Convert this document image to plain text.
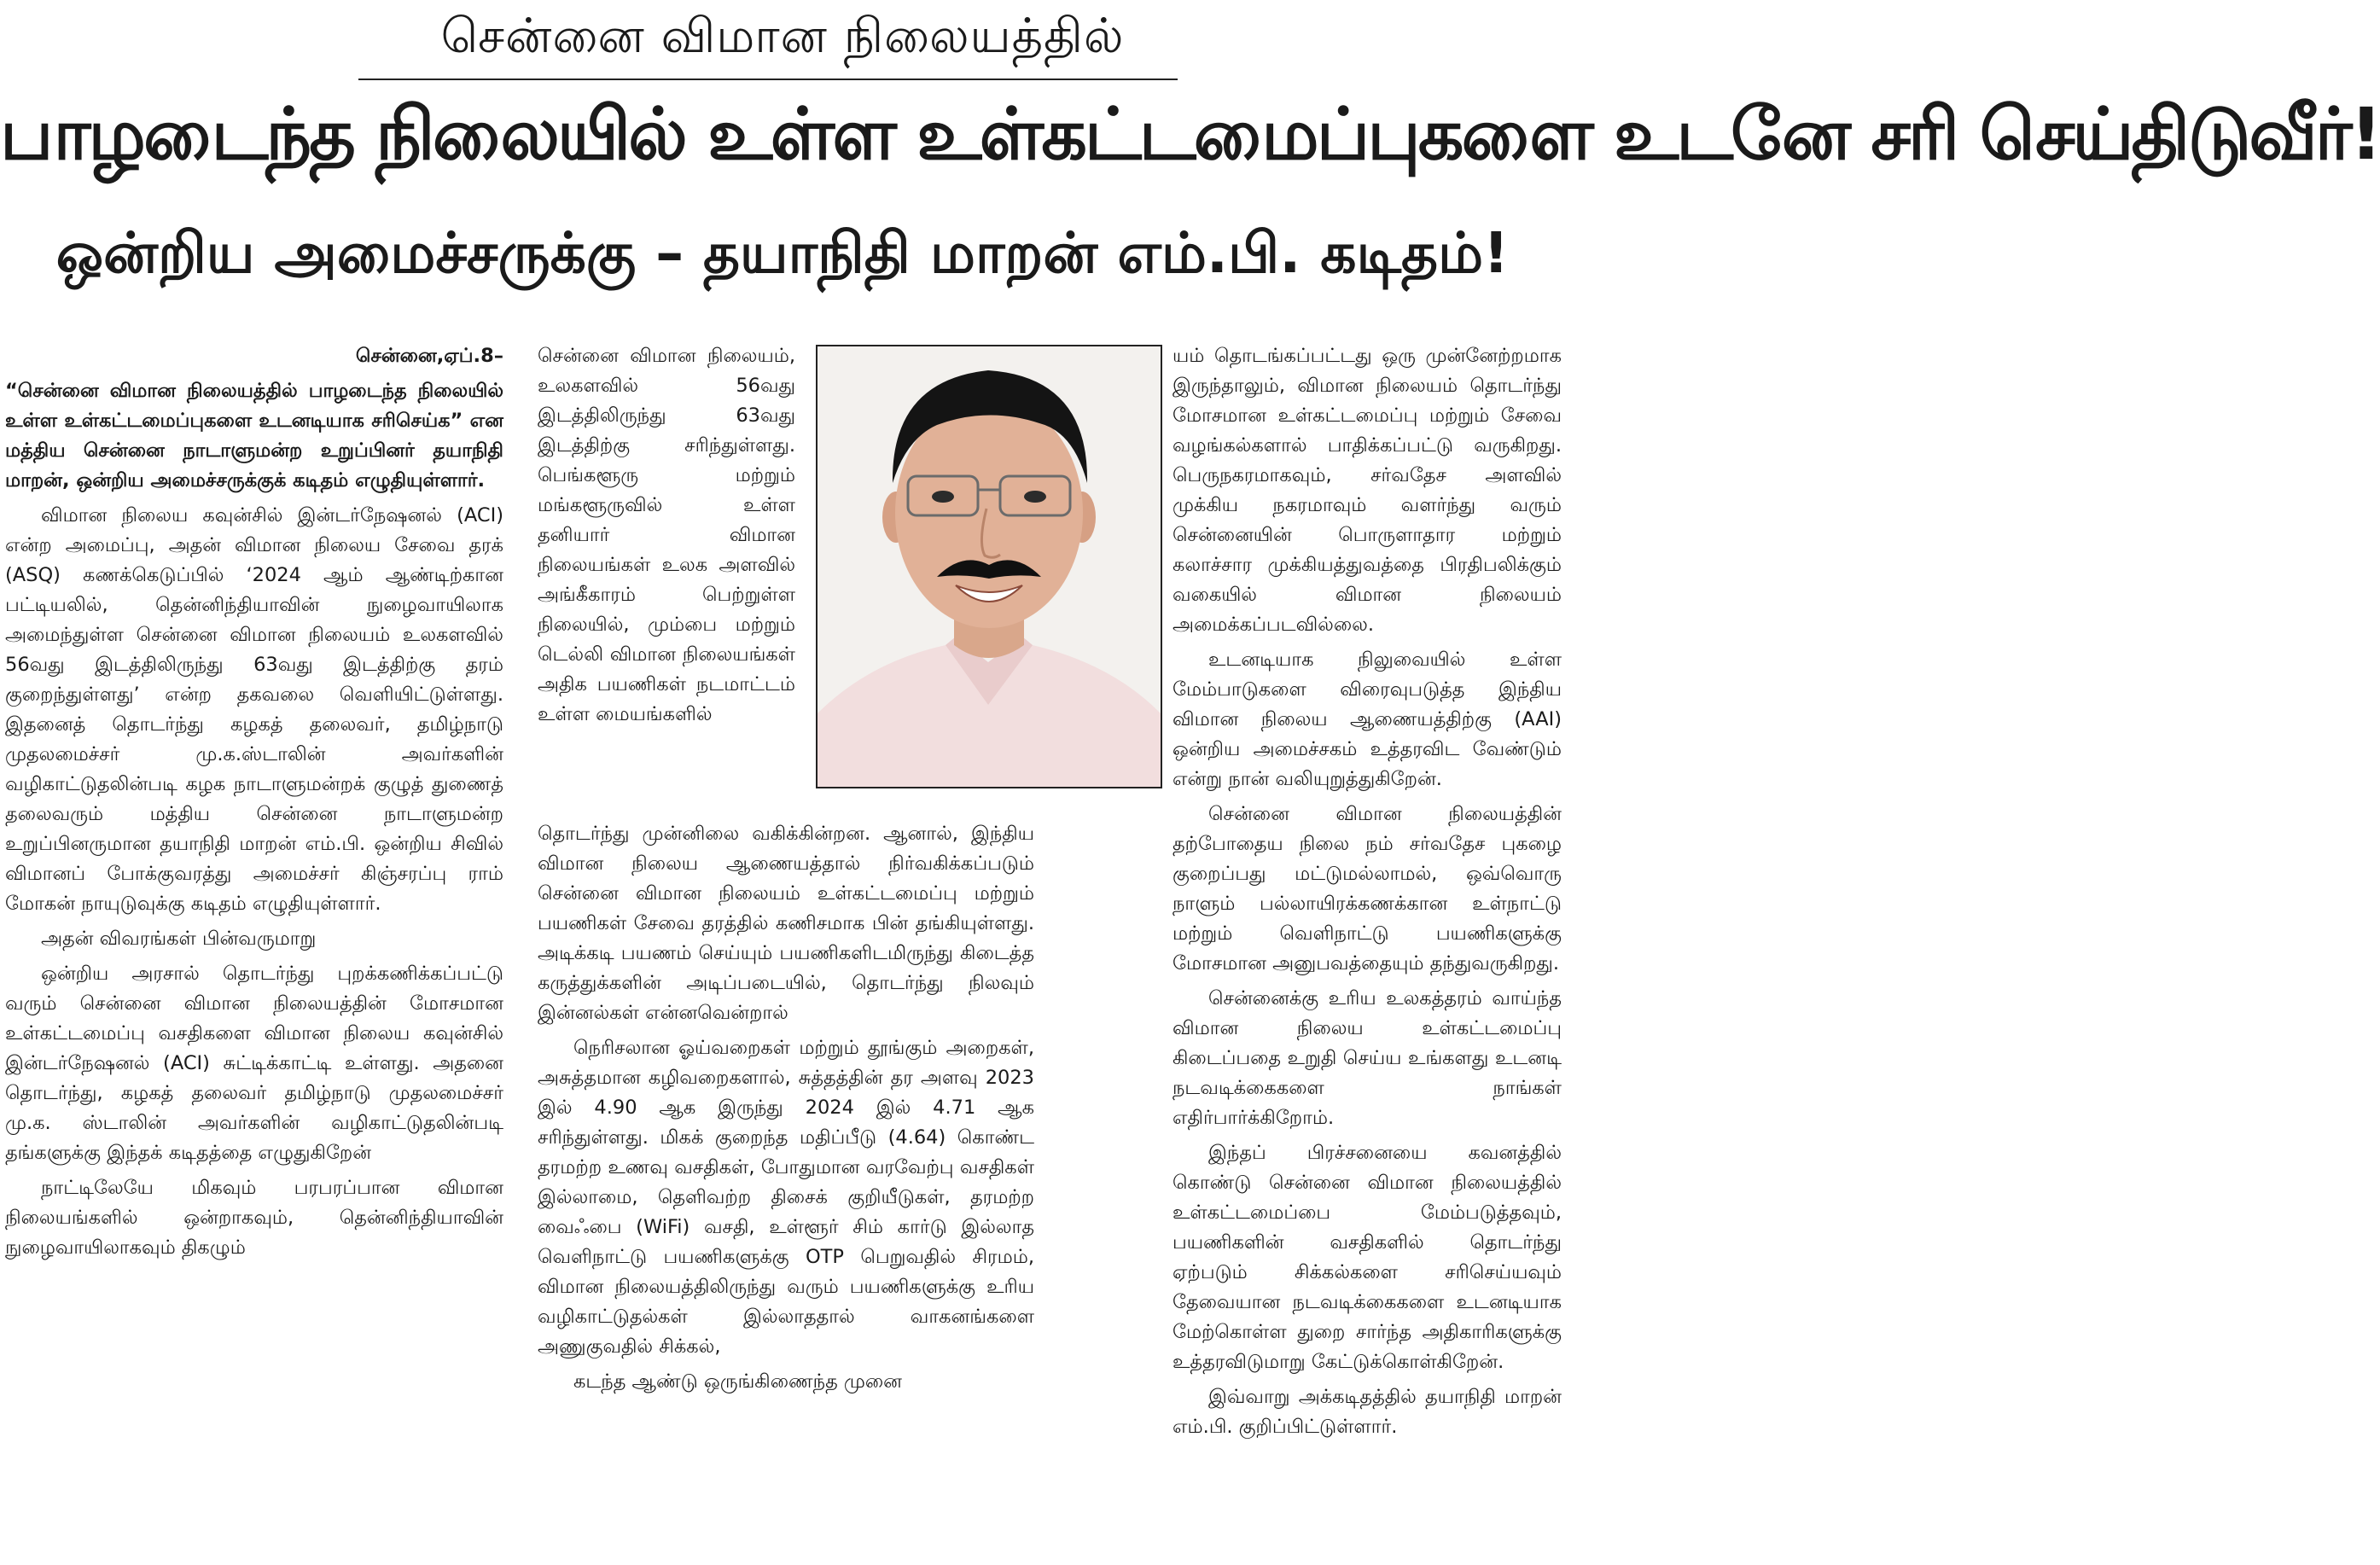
சென்னை விமான நிலையத்தில்
பாழடைந்த நிலையில் உள்ள உள்கட்டமைப்புகளை உடனே சரி செய்திடுவீர்!
ஒன்றிய அமைச்சருக்கு – தயாநிதி மாறன் எம்.பி. கடிதம்!

சென்னை,ஏப்.8–

“சென்னை விமான நிலையத்தில் பாழடைந்த நிலையில் உள்ள உள்கட்டமைப்புகளை உடனடியாக சரிசெய்க” என மத்திய சென்னை நாடாளுமன்ற உறுப்பினர் தயாநிதி மாறன், ஒன்றிய அமைச்சருக்குக் கடிதம் எழுதியுள்ளார்.

விமான நிலைய கவுன்சில் இன்டர்நேஷனல் (ACI) என்ற அமைப்பு, அதன் விமான நிலைய சேவை தரக் (ASQ) கணக்கெடுப்பில் ‘2024 ஆம் ஆண்டிற்கான பட்டியலில், தென்னிந்தியாவின் நுழைவாயிலாக அமைந்துள்ள சென்னை விமான நிலையம் உலகளவில் 56வது இடத்திலிருந்து 63வது இடத்திற்கு தரம் குறைந்துள்ளது’ என்ற தகவலை வெளியிட்டுள்ளது. இதனைத் தொடர்ந்து கழகத் தலைவர், தமிழ்நாடு முதலமைச்சர் மு.க.ஸ்டாலின் அவர்களின் வழிகாட்டுதலின்படி கழக நாடாளுமன்றக் குழுத் துணைத் தலைவரும் மத்திய சென்னை நாடாளுமன்ற உறுப்பினருமான தயாநிதி மாறன் எம்.பி. ஒன்றிய சிவில் விமானப் போக்குவரத்து அமைச்சர் கிஞ்சரப்பு ராம் மோகன் நாயுடுவுக்கு கடிதம் எழுதியுள்ளார்.

அதன் விவரங்கள் பின்வருமாறு

ஒன்றிய அரசால் தொடர்ந்து புறக்கணிக்கப்பட்டு வரும் சென்னை விமான நிலையத்தின் மோசமான உள்கட்டமைப்பு வசதிகளை விமான நிலைய கவுன்சில் இன்டர்நேஷனல் (ACI) சுட்டிக்காட்டி உள்ளது. அதனை தொடர்ந்து, கழகத் தலைவர் தமிழ்நாடு முதலமைச்சர் மு.க. ஸ்டாலின் அவர்களின் வழிகாட்டுதலின்படி தங்களுக்கு இந்தக் கடிதத்தை எழுதுகிறேன்

நாட்டிலேயே மிகவும் பரபரப்பான விமான நிலையங்களில் ஒன்றாகவும், தென்னிந்தியாவின் நுழைவாயிலாகவும் திகழும்

சென்னை விமான நிலையம், உலகளவில் 56வது இடத்திலிருந்து 63வது இடத்திற்கு சரிந்துள்ளது. பெங்களூரு மற்றும் மங்களூருவில் உள்ள தனியார் விமான நிலையங்கள் உலக அளவில் அங்கீகாரம் பெற்றுள்ள நிலையில், மும்பை மற்றும் டெல்லி விமான நிலையங்கள் அதிக பயணிகள் நடமாட்டம் உள்ள மையங்களில்

தொடர்ந்து முன்னிலை வகிக்கின்றன. ஆனால், இந்திய விமான நிலைய ஆணையத்தால் நிர்வகிக்கப்படும் சென்னை விமான நிலையம் உள்கட்டமைப்பு மற்றும் பயணிகள் சேவை தரத்தில் கணிசமாக பின் தங்கியுள்ளது. அடிக்கடி பயணம் செய்யும் பயணிகளிடமிருந்து கிடைத்த கருத்துக்களின் அடிப்படையில், தொடர்ந்து நிலவும் இன்னல்கள் என்னவென்றால்

நெரிசலான ஓய்வறைகள் மற்றும் தூங்கும் அறைகள், அசுத்தமான கழிவறைகளால், சுத்தத்தின் தர அளவு 2023 இல் 4.90 ஆக இருந்து 2024 இல் 4.71 ஆக சரிந்துள்ளது. மிகக் குறைந்த மதிப்பீடு (4.64) கொண்ட தரமற்ற உணவு வசதிகள், போதுமான வரவேற்பு வசதிகள் இல்லாமை, தெளிவற்ற திசைக் குறியீடுகள், தரமற்ற வைஃபை (WiFi) வசதி, உள்ளூர் சிம் கார்டு இல்லாத வெளிநாட்டு பயணிகளுக்கு OTP பெறுவதில் சிரமம், விமான நிலையத்திலிருந்து வரும் பயணிகளுக்கு உரிய வழிகாட்டுதல்கள் இல்லாததால் வாகனங்களை அணுகுவதில் சிக்கல்,

கடந்த ஆண்டு ஒருங்கிணைந்த முனை

யம் தொடங்கப்பட்டது ஒரு முன்னேற்றமாக இருந்தாலும், விமான நிலையம் தொடர்ந்து மோசமான உள்கட்டமைப்பு மற்றும் சேவை வழங்கல்களால் பாதிக்கப்பட்டு வருகிறது. பெருநகரமாகவும், சர்வதேச அளவில் முக்கிய நகரமாவும் வளர்ந்து வரும் சென்னையின் பொருளாதார மற்றும் கலாச்சார முக்கியத்துவத்தை பிரதிபலிக்கும் வகையில் விமான நிலையம் அமைக்கப்படவில்லை.

உடனடியாக நிலுவையில் உள்ள மேம்பாடுகளை விரைவுபடுத்த இந்திய விமான நிலைய ஆணையத்திற்கு (AAI) ஒன்றிய அமைச்சகம் உத்தரவிட வேண்டும் என்று நான் வலியுறுத்துகிறேன்.

சென்னை விமான நிலையத்தின் தற்போதைய நிலை நம் சர்வதேச புகழை குறைப்பது மட்டுமல்லாமல், ஒவ்வொரு நாளும் பல்லாயிரக்கணக்கான உள்நாட்டு மற்றும் வெளிநாட்டு பயணிகளுக்கு மோசமான அனுபவத்தையும் தந்துவருகிறது.

சென்னைக்கு உரிய உலகத்தரம் வாய்ந்த விமான நிலைய உள்கட்டமைப்பு கிடைப்பதை உறுதி செய்ய உங்களது உடனடி நடவடிக்கைகளை நாங்கள் எதிர்பார்க்கிறோம்.

இந்தப் பிரச்சனையை கவனத்தில் கொண்டு சென்னை விமான நிலையத்தில் உள்கட்டமைப்பை மேம்படுத்தவும், பயணிகளின் வசதிகளில் தொடர்ந்து ஏற்படும் சிக்கல்களை சரிசெய்யவும் தேவையான நடவடிக்கைகளை உடனடியாக மேற்கொள்ள துறை சார்ந்த அதிகாரிகளுக்கு உத்தரவிடுமாறு கேட்டுக்கொள்கிறேன்.

இவ்வாறு அக்கடிதத்தில் தயாநிதி மாறன் எம்.பி. குறிப்பிட்டுள்ளார்.
